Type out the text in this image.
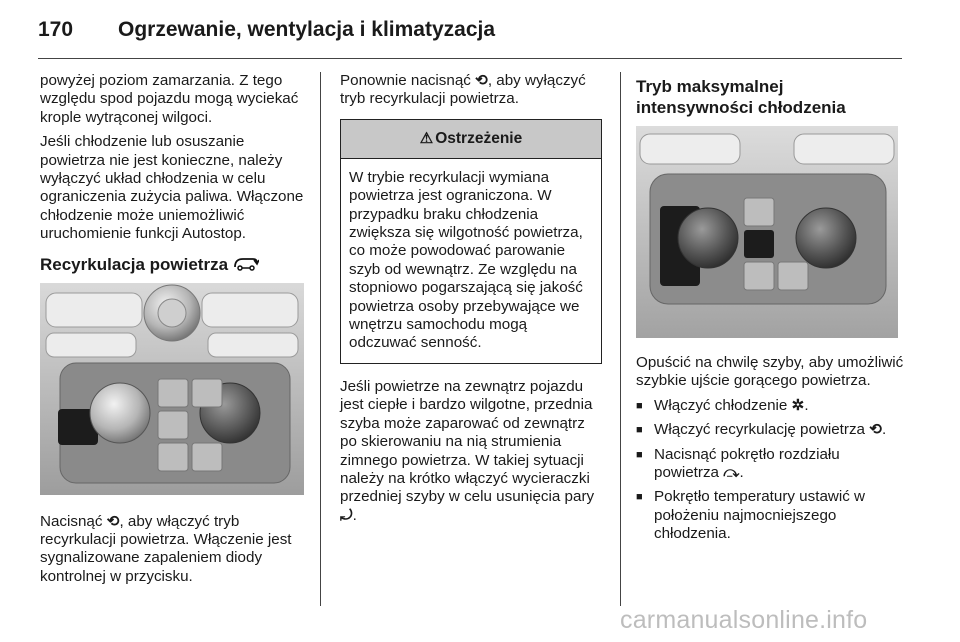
170 Ogrzewanie, wentylacja i klimatyzacja

powyżej poziom zamarzania. Z tego względu spod pojazdu mogą wyciekać krople wytrąconej wilgoci.

Jeśli chłodzenie lub osuszanie powietrza nie jest konieczne, należy wyłączyć układ chłodzenia w celu ograniczenia zużycia paliwa. Włączone chłodzenie może uniemożliwić uruchomienie funkcji Autostop.

Recyrkulacja powietrza

Nacisnąć ⟲, aby włączyć tryb recyrkulacji powietrza. Włączenie jest sygnalizowane zapaleniem diody kontrolnej w przycisku.

Ponownie nacisnąć ⟲, aby wyłączyć tryb recyrkulacji powietrza.

⚠ Ostrzeżenie
W trybie recyrkulacji wymiana powietrza jest ograniczona. W przypadku braku chłodzenia zwiększa się wilgotność powietrza, co może powodować parowanie szyb od wewnątrz. Ze względu na stopniowo pogarszającą się jakość powietrza osoby przebywające we wnętrzu samochodu mogą odczuwać senność.

Jeśli powietrze na zewnątrz pojazdu jest ciepłe i bardzo wilgotne, przednia szyba może zaparować od zewnątrz po skierowaniu na nią strumienia zimnego powietrza. W takiej sytuacji należy na krótko włączyć wycieraczki przedniej szyby w celu usunięcia pary ⤾.

Tryb maksymalnej intensywności chłodzenia

Opuścić na chwilę szyby, aby umożliwić szybkie ujście gorącego powietrza.

■ Włączyć chłodzenie ✲.
■ Włączyć recyrkulację powietrza ⟲.
■ Nacisnąć pokrętło rozdziału powietrza ⤼.
■ Pokrętło temperatury ustawić w położeniu najmocniejszego chłodzenia.
carmanualsonline.info
